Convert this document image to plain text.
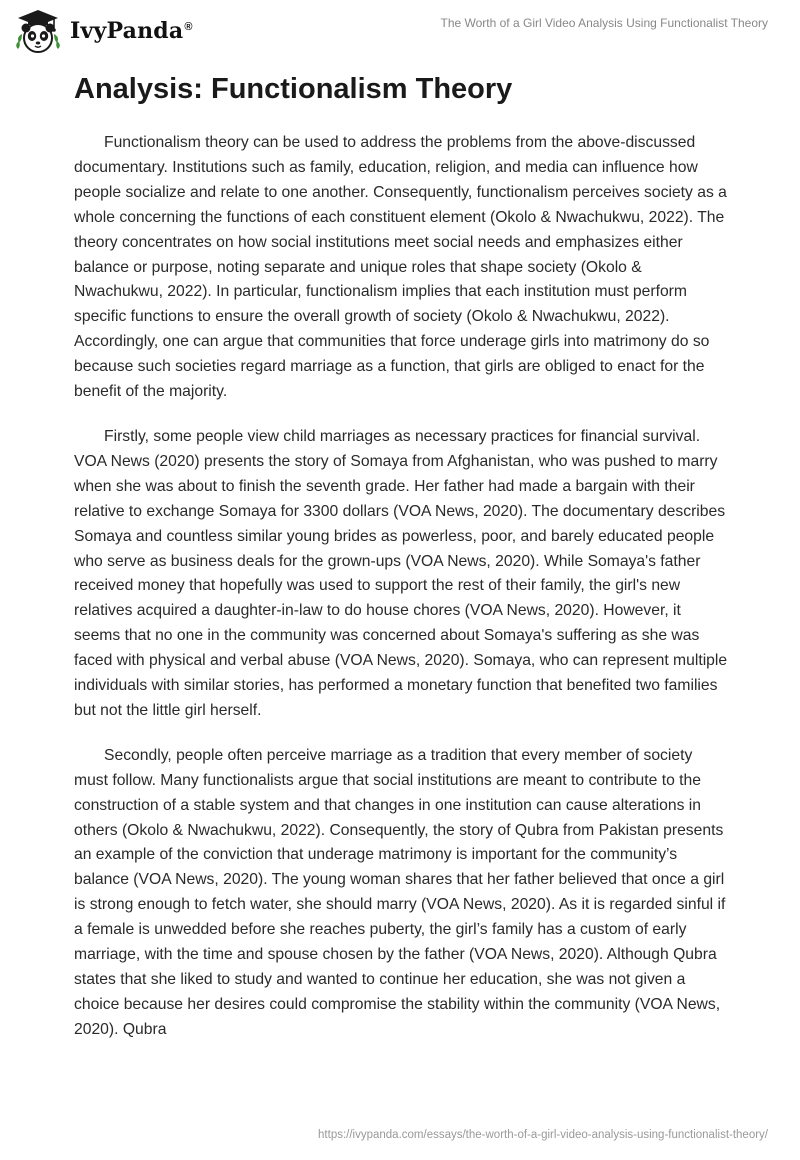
IvyPanda®	The Worth of a Girl Video Analysis Using Functionalist Theory
Analysis: Functionalism Theory

Functionalism theory can be used to address the problems from the above-discussed documentary. Institutions such as family, education, religion, and media can influence how people socialize and relate to one another. Consequently, functionalism perceives society as a whole concerning the functions of each constituent element (Okolo & Nwachukwu, 2022). The theory concentrates on how social institutions meet social needs and emphasizes either balance or purpose, noting separate and unique roles that shape society (Okolo & Nwachukwu, 2022). In particular, functionalism implies that each institution must perform specific functions to ensure the overall growth of society (Okolo & Nwachukwu, 2022). Accordingly, one can argue that communities that force underage girls into matrimony do so because such societies regard marriage as a function, that girls are obliged to enact for the benefit of the majority.

Firstly, some people view child marriages as necessary practices for financial survival. VOA News (2020) presents the story of Somaya from Afghanistan, who was pushed to marry when she was about to finish the seventh grade. Her father had made a bargain with their relative to exchange Somaya for 3300 dollars (VOA News, 2020). The documentary describes Somaya and countless similar young brides as powerless, poor, and barely educated people who serve as business deals for the grown-ups (VOA News, 2020). While Somaya's father received money that hopefully was used to support the rest of their family, the girl's new relatives acquired a daughter-in-law to do house chores (VOA News, 2020). However, it seems that no one in the community was concerned about Somaya's suffering as she was faced with physical and verbal abuse (VOA News, 2020). Somaya, who can represent multiple individuals with similar stories, has performed a monetary function that benefited two families but not the little girl herself.

Secondly, people often perceive marriage as a tradition that every member of society must follow. Many functionalists argue that social institutions are meant to contribute to the construction of a stable system and that changes in one institution can cause alterations in others (Okolo & Nwachukwu, 2022). Consequently, the story of Qubra from Pakistan presents an example of the conviction that underage matrimony is important for the community’s balance (VOA News, 2020). The young woman shares that her father believed that once a girl is strong enough to fetch water, she should marry (VOA News, 2020). As it is regarded sinful if a female is unwedded before she reaches puberty, the girl’s family has a custom of early marriage, with the time and spouse chosen by the father (VOA News, 2020). Although Qubra states that she liked to study and wanted to continue her education, she was not given a choice because her desires could compromise the stability within the community (VOA News, 2020). Qubra

https://ivypanda.com/essays/the-worth-of-a-girl-video-analysis-using-functionalist-theory/
